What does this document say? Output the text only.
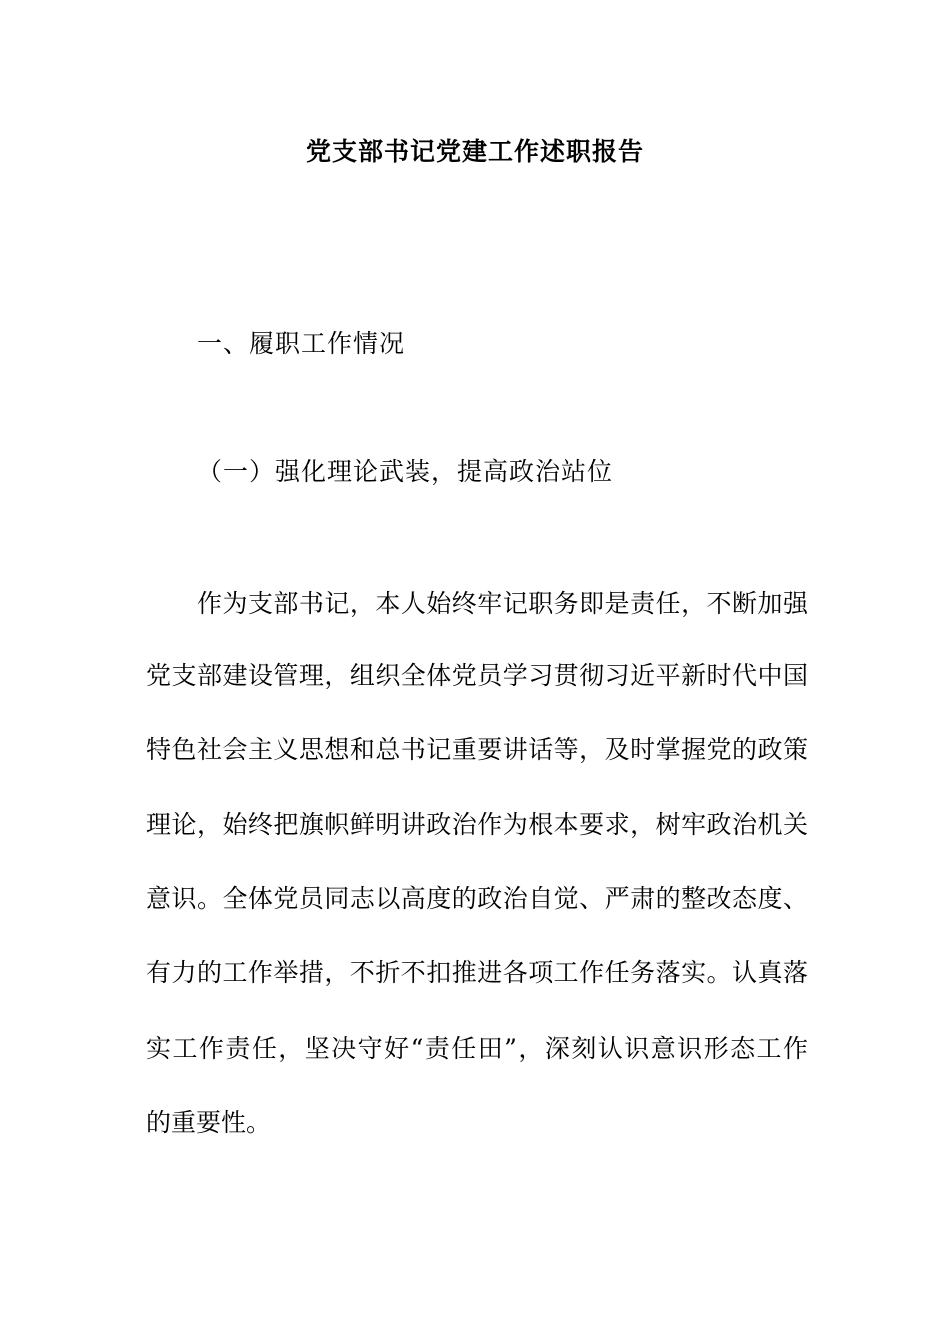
党支部书记党建工作述职报告
一、履职工作情况
（一）强化理论武装，提高政治站位
作为支部书记，本人始终牢记职务即是责任，不断加强
党支部建设管理，组织全体党员学习贯彻习近平新时代中国
特色社会主义思想和总书记重要讲话等，及时掌握党的政策
理论，始终把旗帜鲜明讲政治作为根本要求，树牢政治机关
意识。全体党员同志以高度的政治自觉、严肃的整改态度、
有力的工作举措，不折不扣推进各项工作任务落实。认真落
实工作责任，坚决守好“责任田”，深刻认识意识形态工作
的重要性。
